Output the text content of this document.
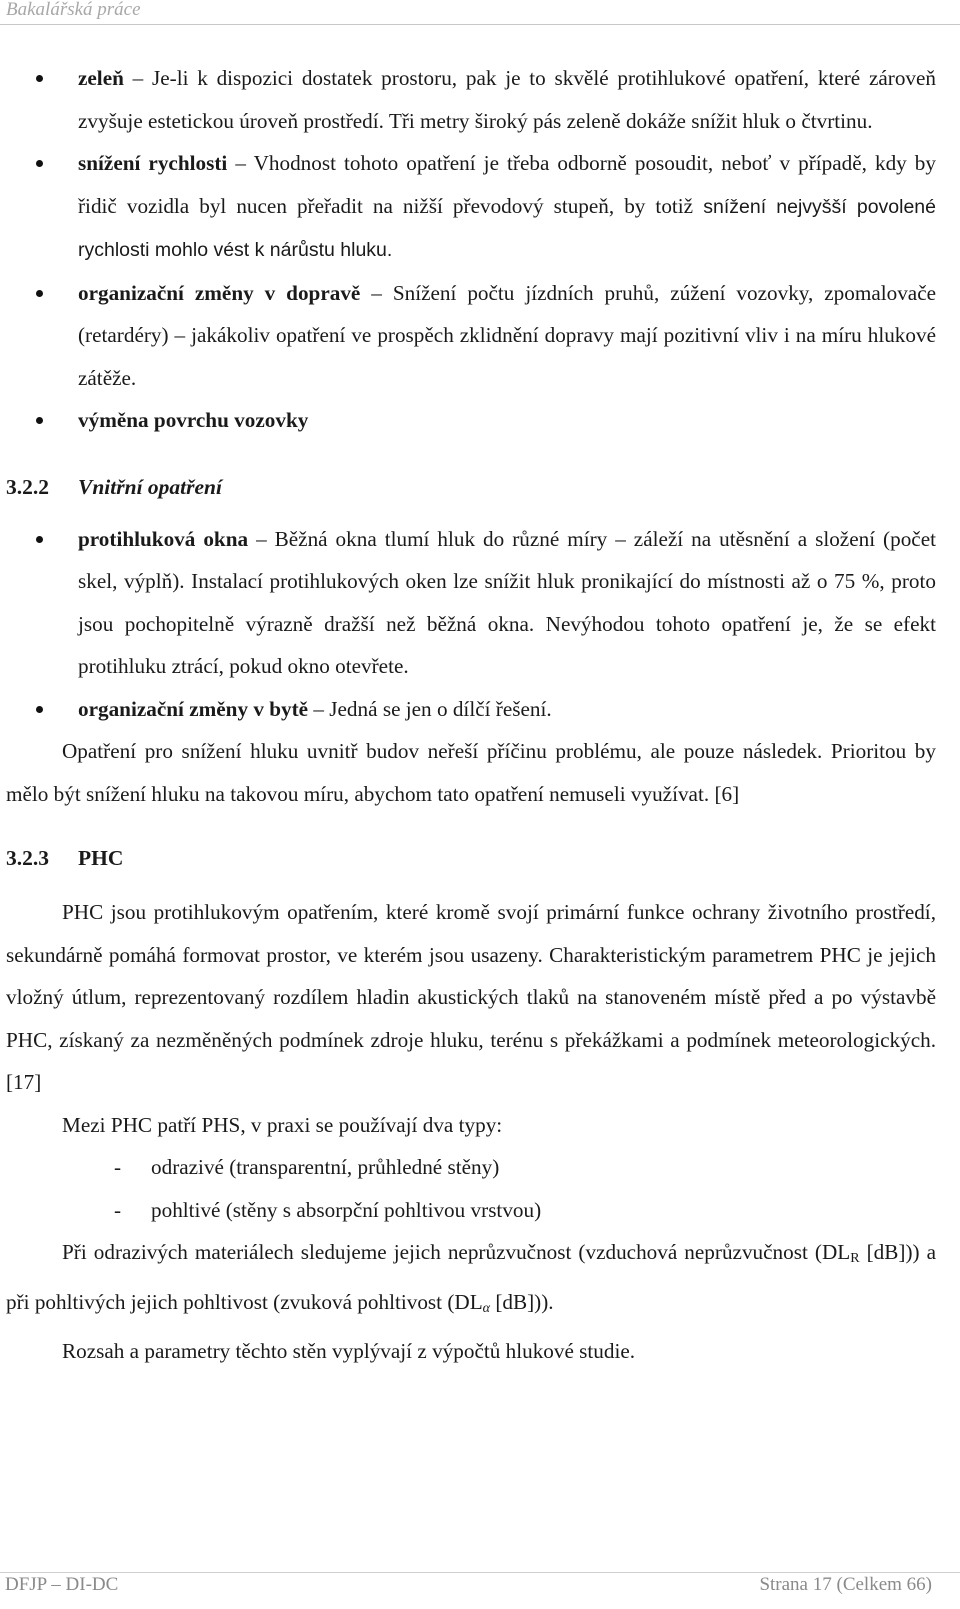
Bakalářská práce
zeleň – Je-li k dispozici dostatek prostoru, pak je to skvělé protihlukové opatření, které zároveň zvyšuje estetickou úroveň prostředí. Tři metry široký pás zeleně dokáže snížit hluk o čtvrtinu.
snížení rychlosti – Vhodnost tohoto opatření je třeba odborně posoudit, neboť v případě, kdy by řidič vozidla byl nucen přeřadit na nižší převodový stupeň, by totiž snížení nejvyšší povolené rychlosti mohlo vést k nárůstu hluku.
organizační změny v dopravě – Snížení počtu jízdních pruhů, zúžení vozovky, zpomalovače (retardéry) – jakákoliv opatření ve prospěch zklidnění dopravy mají pozitivní vliv i na míru hlukové zátěže.
výměna povrchu vozovky
3.2.2 Vnitřní opatření
protihluková okna – Běžná okna tlumí hluk do různé míry – záleží na utěsnění a složení (počet skel, výplň). Instalací protihlukových oken lze snížit hluk pronikající do místnosti až o 75 %, proto jsou pochopitelně výrazně dražší než běžná okna. Nevýhodou tohoto opatření je, že se efekt protihluku ztrácí, pokud okno otevřete.
organizační změny v bytě – Jedná se jen o dílčí řešení.

Opatření pro snížení hluku uvnitř budov neřeší příčinu problému, ale pouze následek. Prioritou by mělo být snížení hluku na takovou míru, abychom tato opatření nemuseli využívat. [6]

3.2.3 PHC

PHC jsou protihlukovým opatřením, které kromě svojí primární funkce ochrany životního prostředí, sekundárně pomáhá formovat prostor, ve kterém jsou usazeny. Charakteristickým parametrem PHC je jejich vložný útlum, reprezentovaný rozdílem hladin akustických tlaků na stanoveném místě před a po výstavbě PHC, získaný za nezměněných podmínek zdroje hluku, terénu s překážkami a podmínek meteorologických. [17]

Mezi PHC patří PHS, v praxi se používají dva typy:
- odrazivé (transparentní, průhledné stěny)
- pohltivé (stěny s absorpční pohltivou vrstvou)

Při odrazivých materiálech sledujeme jejich neprůzvučnost (vzduchová neprůzvučnost ($DL_R$ [dB])) a při pohltivých jejich pohltivost (zvuková pohltivost ($DL_\alpha$ [dB])).

Rozsah a parametry těchto stěn vyplývají z výpočtů hlukové studie.
DFJP – DI-DC	Strana 17 (Celkem 66)
